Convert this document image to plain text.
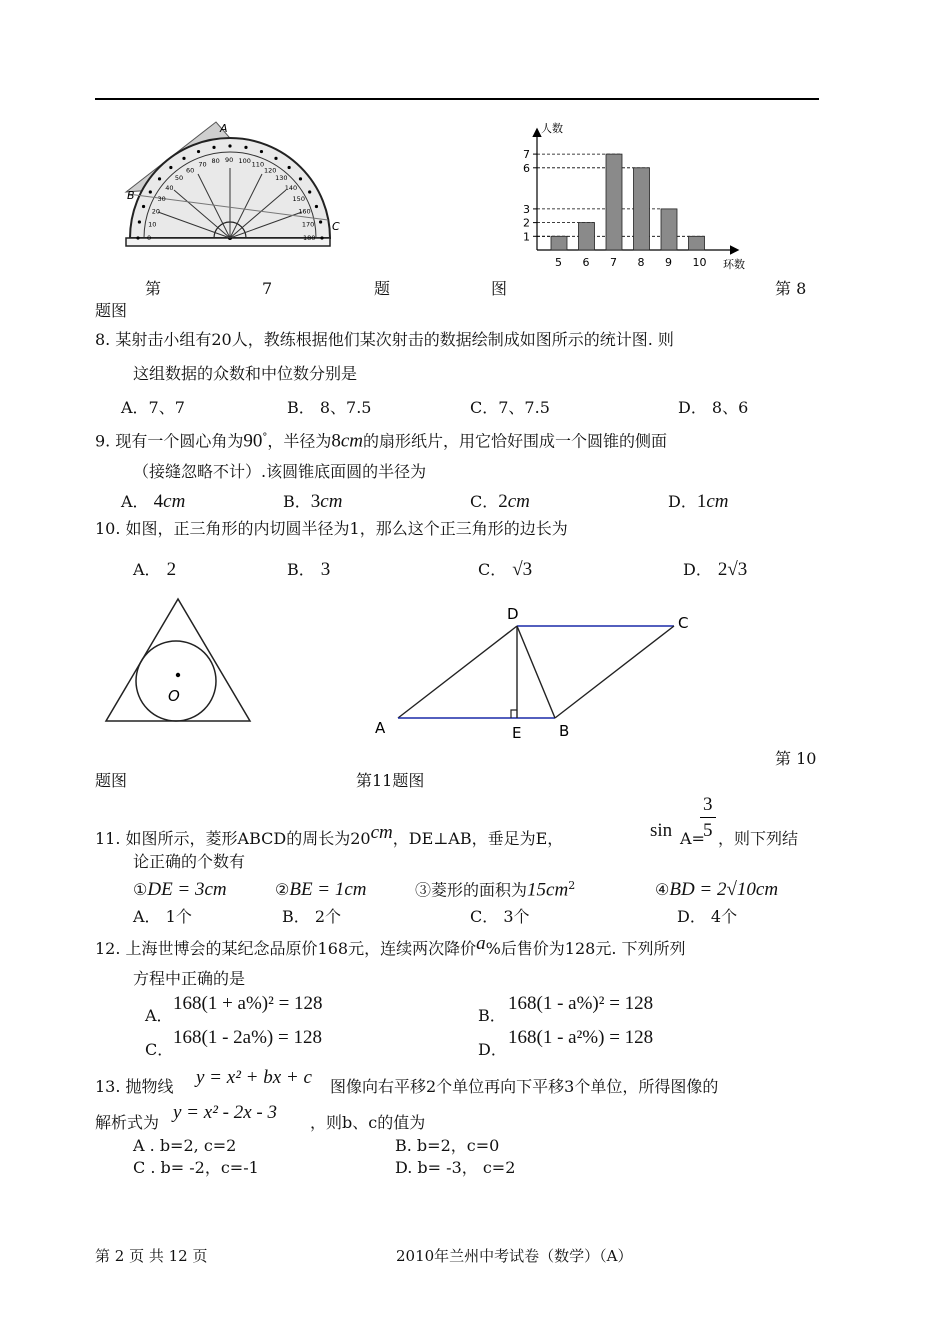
0
10
20
30
40
50
60
70 80 90 100 110
120
130
140
150
160
170
180
A
B
C
人数
环数
5 6 7 8 9 10
1
2
3
6
7
第	7	题	图	第 8
题图
8. 某射击小组有20人，教练根据他们某次射击的数据绘制成如图所示的统计图. 则
这组数据的众数和中位数分别是
A．7、7	B． 8、7.5	C．7、7.5	D． 8、6
9. 现有一个圆心角为90°，半径为8cm的扇形纸片，用它恰好围成一个圆锥的侧面
（接缝忽略不计）.该圆锥底面圆的半径为
A． 4cm	B．3cm	C．2cm	D．1cm
10. 如图，正三角形的内切圆半径为1，那么这个正三角形的边长为
A． 2	B． 3	C． √3	D． 2√3
O
D	C
A	E	B
第 10
题图	第11题图
11. 如图所示，菱形ABCD的周长为20cm，DE⊥AB，垂足为E，	sin A=
3
5 ，则下列结
论正确的个数有
①DE = 3cm	②BE = 1cm	③菱形的面积为$15cm^2$	④BD = 2√10cm
A． 1个	B． 2个	C． 3个	D． 4个
12. 上海世博会的某纪念品原价168元，连续两次降价a%后售价为128元. 下列所列
方程中正确的是
A．
168(1 + a%)² = 128
B．
168(1 - a%)² = 128
C．
168(1 - 2a%) = 128
D．
168(1 - a²%) = 128
13. 抛物线 y = x² + bx + c 图像向右平移2个单位再向下平移3个单位，所得图像的
解析式为 y = x² - 2x - 3 ，则b、c的值为
A . b=2, c=2	B. b=2，c=0
C . b= -2，c=-1	D. b= -3， c=2
第 2 页 共 12 页	2010年兰州中考试卷（数学）（A）
